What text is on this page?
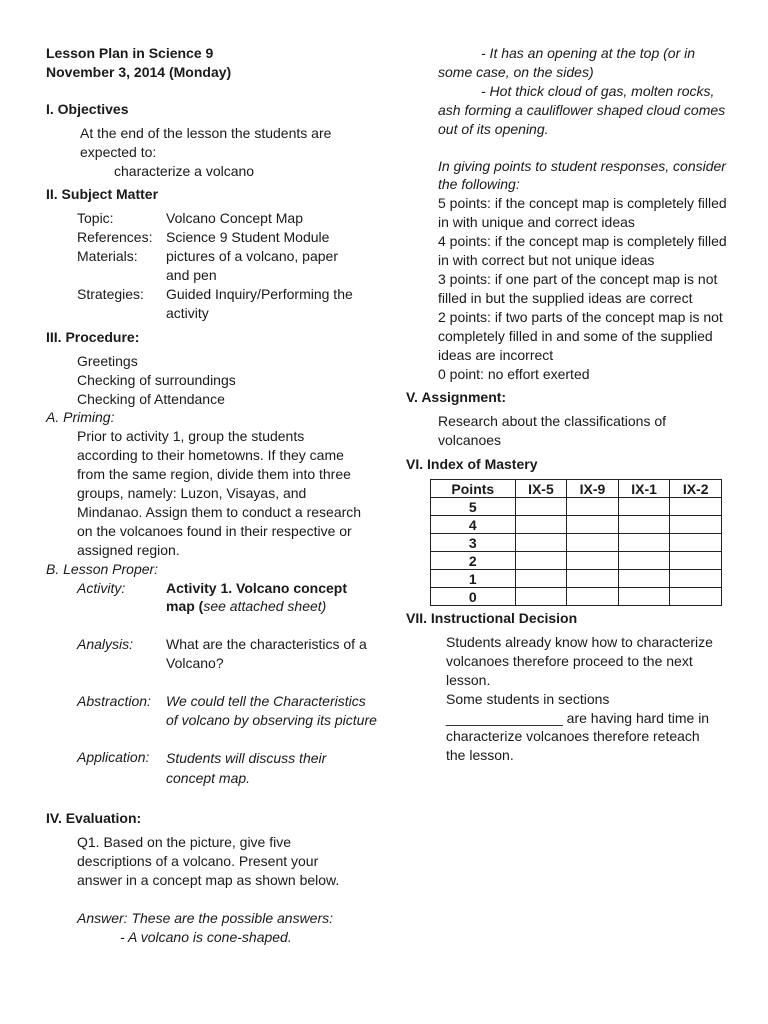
Lesson Plan in Science 9
November 3, 2014 (Monday)
I. Objectives
At the end of the lesson the students are expected to:
characterize a volcano
II. Subject Matter
Topic:	Volcano Concept Map
References: Science 9 Student Module
Materials:	pictures of a volcano, paper and pen
Strategies:	Guided Inquiry/Performing the activity
III. Procedure:
Greetings
Checking of surroundings
Checking of Attendance
A. Priming:
Prior to activity 1, group the students according to their hometowns. If they came from the same region, divide them into three groups, namely: Luzon, Visayas, and Mindanao. Assign them to conduct a research on the volcanoes found in their respective or assigned region.
B. Lesson Proper:
Activity:	Activity 1. Volcano concept map (see attached sheet)
Analysis:	What are the characteristics of a Volcano?
Abstraction:	We could tell the Characteristics of volcano by observing its picture
Application:	Students will discuss their concept map.
IV. Evaluation:
Q1. Based on the picture, give five descriptions of a volcano. Present your answer in a concept map as shown below.
Answer: These are the possible answers:
- A volcano is cone-shaped.
- It has an opening at the top (or in some case, on the sides)
- Hot thick cloud of gas, molten rocks, ash forming a cauliflower shaped cloud comes out of its opening.
In giving points to student responses, consider the following:
5 points: if the concept map is completely filled in with unique and correct ideas
4 points: if the concept map is completely filled in with correct but not unique ideas
3 points: if one part of the concept map is not filled in but the supplied ideas are correct
2 points: if two parts of the concept map is not completely filled in and some of the supplied ideas are incorrect
0 point: no effort exerted
V. Assignment:
Research about the classifications of volcanoes
VI. Index of Mastery
Points	IX-5	IX-9	IX-1	IX-2
5				
4				
3				
2				
1				
0				
VII. Instructional Decision
Students already know how to characterize volcanoes therefore proceed to the next lesson.
Some students in sections _______________ are having hard time in characterize volcanoes therefore reteach the lesson.
